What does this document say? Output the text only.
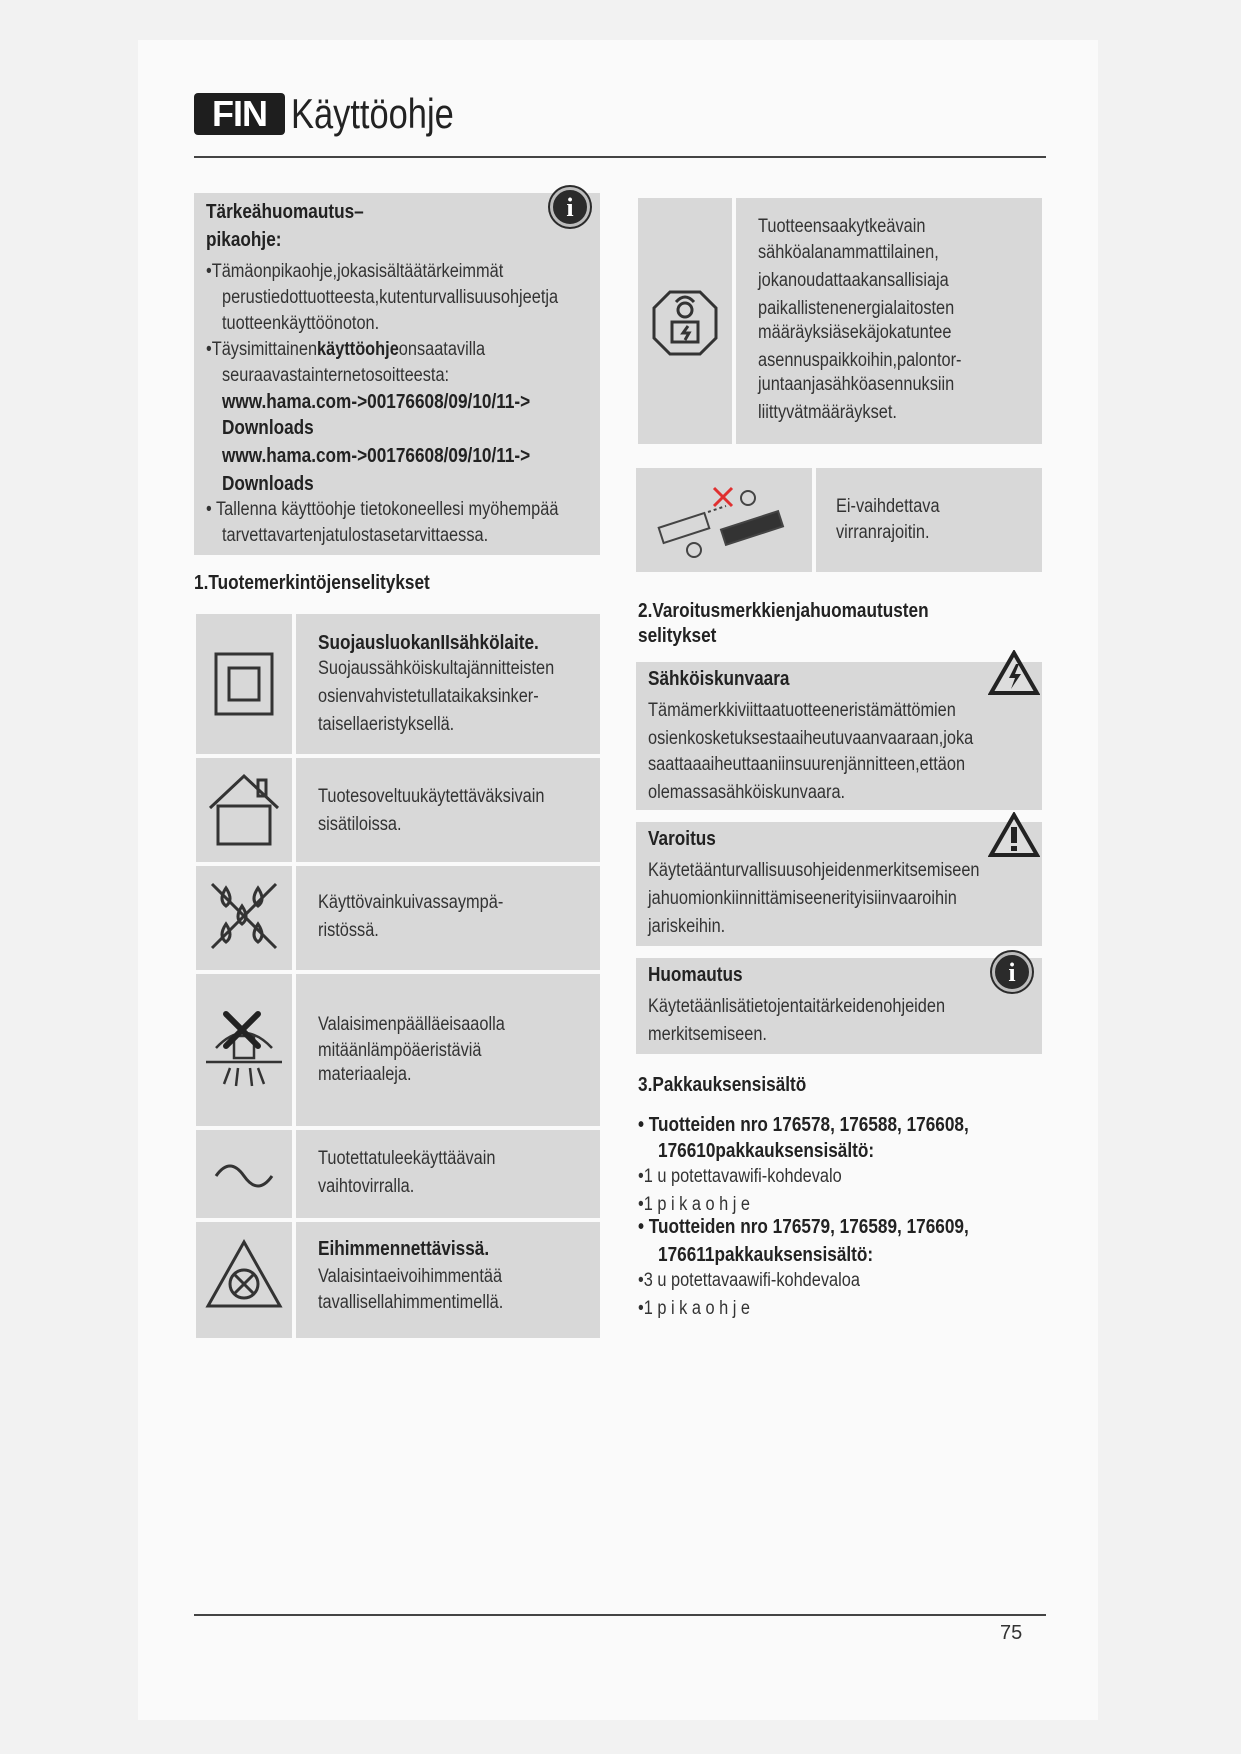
FIN Käyttöohje
i
Tärkeähuomautus–
pikaohje:
•Tämäonpikaohje,jokasisältäätärkeimmät
perustiedottuotteesta,kutenturvallisuusohjeetja
tuotteenkäyttöönoton.
•Täysimittainenkäyttöohjeonsaatavilla
seuraavastainternetosoitteesta:
www.hama.com->00176608/09/10/11->
Downloads
www.hama.com->00176608/09/10/11->
Downloads
• Tallenna käyttöohje tietokoneellesi myöhempää
tarvettavartenjatulostasetarvittaessa.
1.Tuotemerkintöjenselitykset
SuojausluokanIIsähkölaite.
Suojaussähköiskultajännitteisten
osienvahvistetullataikaksinker-
taisellaeristyksellä.
Tuotesoveltuukäytettäväksivain
sisätiloissa.
Käyttövainkuivassaympä-
ristössä.
Valaisimenpäälläeisaaolla
mitäänlämpöäeristäviä
materiaaleja.
Tuotettatuleekäyttäävain
vaihtovirralla.
Eihimmennettävissä.
Valaisintaeivoihimmentää
tavallisellahimmentimellä.
Tuotteensaakytkeävain
sähköalanammattilainen,
jokanoudattaakansallisiaja
paikallistenenergialaitosten
määräyksiäsekäjokatuntee
asennuspaikkoihin,palontor-
juntaanjasähköasennuksiin
liittyvätmääräykset.
Ei-vaihdettava
virranrajoitin.
2.Varoitusmerkkienjahuomautusten
selitykset
Sähköiskunvaara
Tämämerkkiviittaatuotteeneristämättömien
osienkosketuksestaaiheutuvaanvaaraan,joka
saattaaaiheuttaaniinsuurenjännitteen,ettäon
olemassasähköiskunvaara.
Varoitus
Käytetäänturvallisuusohjeidenmerkitsemiseen
jahuomionkiinnittämiseenerityisiinvaaroihin
jariskeihin.
i
Huomautus
Käytetäänlisätietojentaitärkeidenohjeiden
merkitsemiseen.
3.Pakkauksensisältö
• Tuotteiden nro 176578, 176588, 176608,
176610pakkauksensisältö:
•1 u potettavawifi-kohdevalo
•1 p i k a o h j e
• Tuotteiden nro 176579, 176589, 176609,
176611pakkauksensisältö:
•3 u potettavaawifi-kohdevaloa
•1 p i k a o h j e
75
